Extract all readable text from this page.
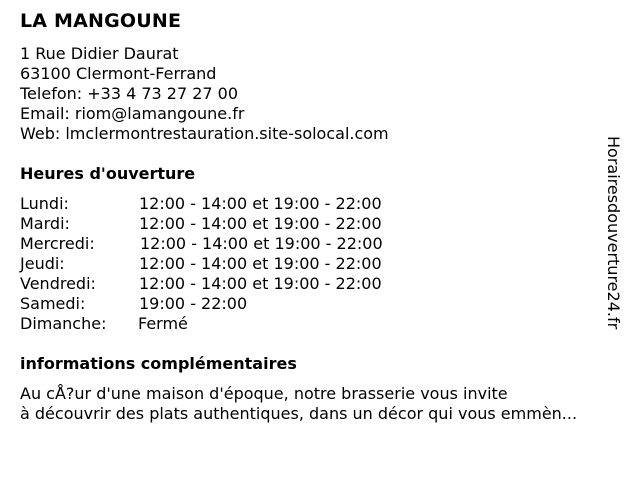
LA MANGOUNE
1 Rue Didier Daurat
63100 Clermont-Ferrand
Telefon: +33 4 73 27 27 00
Email: riom@lamangoune.fr
Web: lmclermontrestauration.site-solocal.com
Heures d'ouverture
Lundi:	12:00 - 14:00 et 19:00 - 22:00
Mardi:	12:00 - 14:00 et 19:00 - 22:00
Mercredi:	12:00 - 14:00 et 19:00 - 22:00
Jeudi:	12:00 - 14:00 et 19:00 - 22:00
Vendredi:	12:00 - 14:00 et 19:00 - 22:00
Samedi:	19:00 - 22:00
Dimanche: Fermé
informations complémentaires
Au cÅ?ur d'une maison d'époque, notre brasserie vous invite
à découvrir des plats authentiques, dans un décor qui vous emmèn...
Horairesdouverture24.fr
